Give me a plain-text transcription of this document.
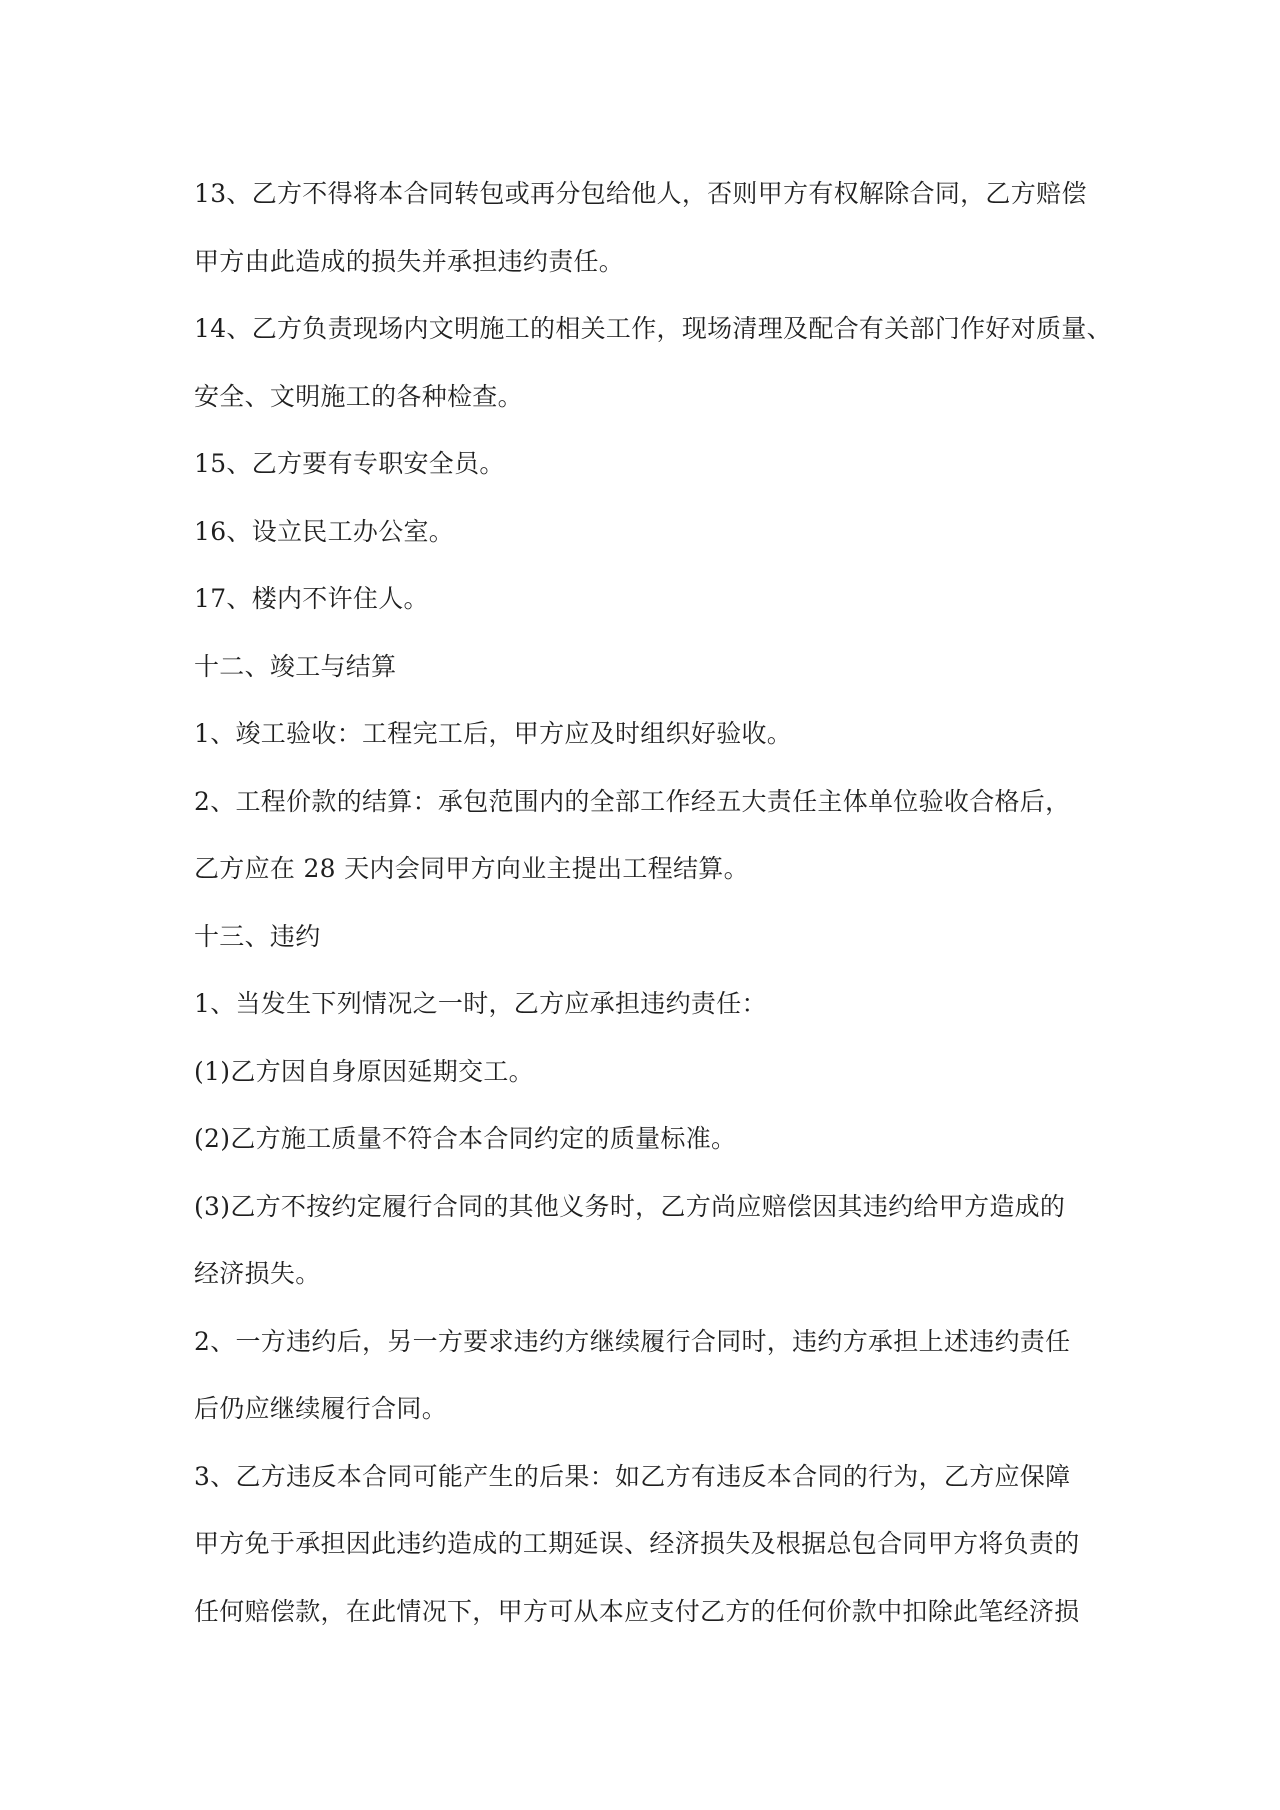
13、乙方不得将本合同转包或再分包给他人，否则甲方有权解除合同，乙方赔偿
甲方由此造成的损失并承担违约责任。
14、乙方负责现场内文明施工的相关工作，现场清理及配合有关部门作好对质量、
安全、文明施工的各种检查。
15、乙方要有专职安全员。
16、设立民工办公室。
17、楼内不许住人。
十二、竣工与结算
1、竣工验收：工程完工后，甲方应及时组织好验收。
2、工程价款的结算：承包范围内的全部工作经五大责任主体单位验收合格后，
乙方应在 28 天内会同甲方向业主提出工程结算。
十三、违约
1、当发生下列情况之一时，乙方应承担违约责任：
(1)乙方因自身原因延期交工。
(2)乙方施工质量不符合本合同约定的质量标准。
(3)乙方不按约定履行合同的其他义务时，乙方尚应赔偿因其违约给甲方造成的
经济损失。
2、一方违约后，另一方要求违约方继续履行合同时，违约方承担上述违约责任
后仍应继续履行合同。
3、乙方违反本合同可能产生的后果：如乙方有违反本合同的行为，乙方应保障
甲方免于承担因此违约造成的工期延误、经济损失及根据总包合同甲方将负责的
任何赔偿款，在此情况下，甲方可从本应支付乙方的任何价款中扣除此笔经济损
